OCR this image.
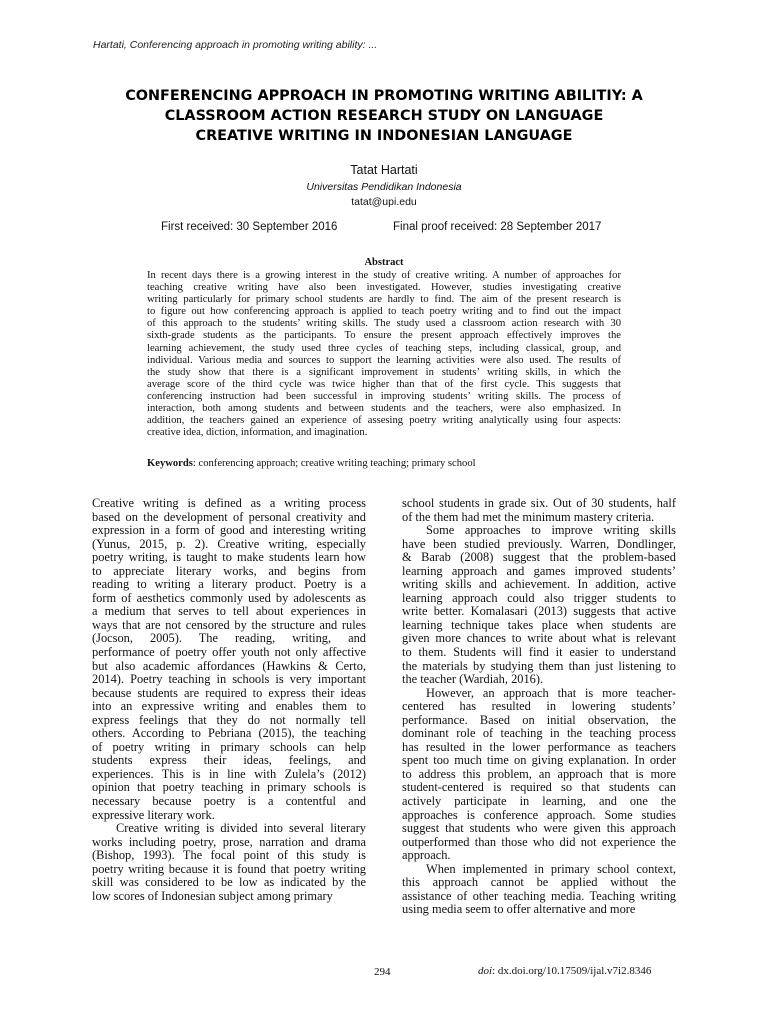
Hartati, Conferencing approach in promoting writing ability: ...
CONFERENCING APPROACH IN PROMOTING WRITING ABILITIY: A
CLASSROOM ACTION RESEARCH STUDY ON LANGUAGE
CREATIVE WRITING IN INDONESIAN LANGUAGE
Tatat Hartati
Universitas Pendidikan Indonesia
tatat@upi.edu
First received: 30 September 2016	Final proof received: 28 September 2017
Abstract
In recent days there is a growing interest in the study of creative writing. A number of approaches for
teaching creative writing have also been investigated. However, studies investigating creative
writing particularly for primary school students are hardly to find. The aim of the present research is
to figure out how conferencing approach is applied to teach poetry writing and to find out the impact
of this approach to the students’ writing skills. The study used a classroom action research with 30
sixth-grade students as the participants. To ensure the present approach effectively improves the
learning achievement, the study used three cycles of teaching steps, including classical, group, and
individual. Various media and sources to support the learning activities were also used. The results of
the study show that there is a significant improvement in students’ writing skills, in which the
average score of the third cycle was twice higher than that of the first cycle. This suggests that
conferencing instruction had been successful in improving students’ writing skills. The process of
interaction, both among students and between students and the teachers, were also emphasized. In
addition, the teachers gained an experience of assesing poetry writing analytically using four aspects:
creative idea, diction, information, and imagination.
Keywords: conferencing approach; creative writing teaching; primary school
Creative writing is defined as a writing process
based on the development of personal creativity and
expression in a form of good and interesting writing
(Yunus, 2015, p. 2). Creative writing, especially
poetry writing, is taught to make students learn how
to appreciate literary works, and begins from
reading to writing a literary product. Poetry is a
form of aesthetics commonly used by adolescents as
a medium that serves to tell about experiences in
ways that are not censored by the structure and rules
(Jocson, 2005). The reading, writing, and
performance of poetry offer youth not only affective
but also academic affordances (Hawkins & Certo,
2014). Poetry teaching in schools is very important
because students are required to express their ideas
into an expressive writing and enables them to
express feelings that they do not normally tell
others. According to Pebriana (2015), the teaching
of poetry writing in primary schools can help
students express their ideas, feelings, and
experiences. This is in line with Zulela’s (2012)
opinion that poetry teaching in primary schools is
necessary because poetry is a contentful and
expressive literary work.
Creative writing is divided into several literary
works including poetry, prose, narration and drama
(Bishop, 1993). The focal point of this study is
poetry writing because it is found that poetry writing
skill was considered to be low as indicated by the
low scores of Indonesian subject among primary
school students in grade six. Out of 30 students, half
of the them had met the minimum mastery criteria.
Some approaches to improve writing skills
have been studied previously. Warren, Dondlinger,
& Barab (2008) suggest that the problem-based
learning approach and games improved students’
writing skills and achievement. In addition, active
learning approach could also trigger students to
write better. Komalasari (2013) suggests that active
learning technique takes place when students are
given more chances to write about what is relevant
to them. Students will find it easier to understand
the materials by studying them than just listening to
the teacher (Wardiah, 2016).
However, an approach that is more teacher-
centered has resulted in lowering students’
performance. Based on initial observation, the
dominant role of teaching in the teaching process
has resulted in the lower performance as teachers
spent too much time on giving explanation. In order
to address this problem, an approach that is more
student-centered is required so that students can
actively participate in learning, and one the
approaches is conference approach. Some studies
suggest that students who were given this approach
outperformed than those who did not experience the
approach.
When implemented in primary school context,
this approach cannot be applied without the
assistance of other teaching media. Teaching writing
using media seem to offer alternative and more
294	doi: dx.doi.org/10.17509/ijal.v7i2.8346
